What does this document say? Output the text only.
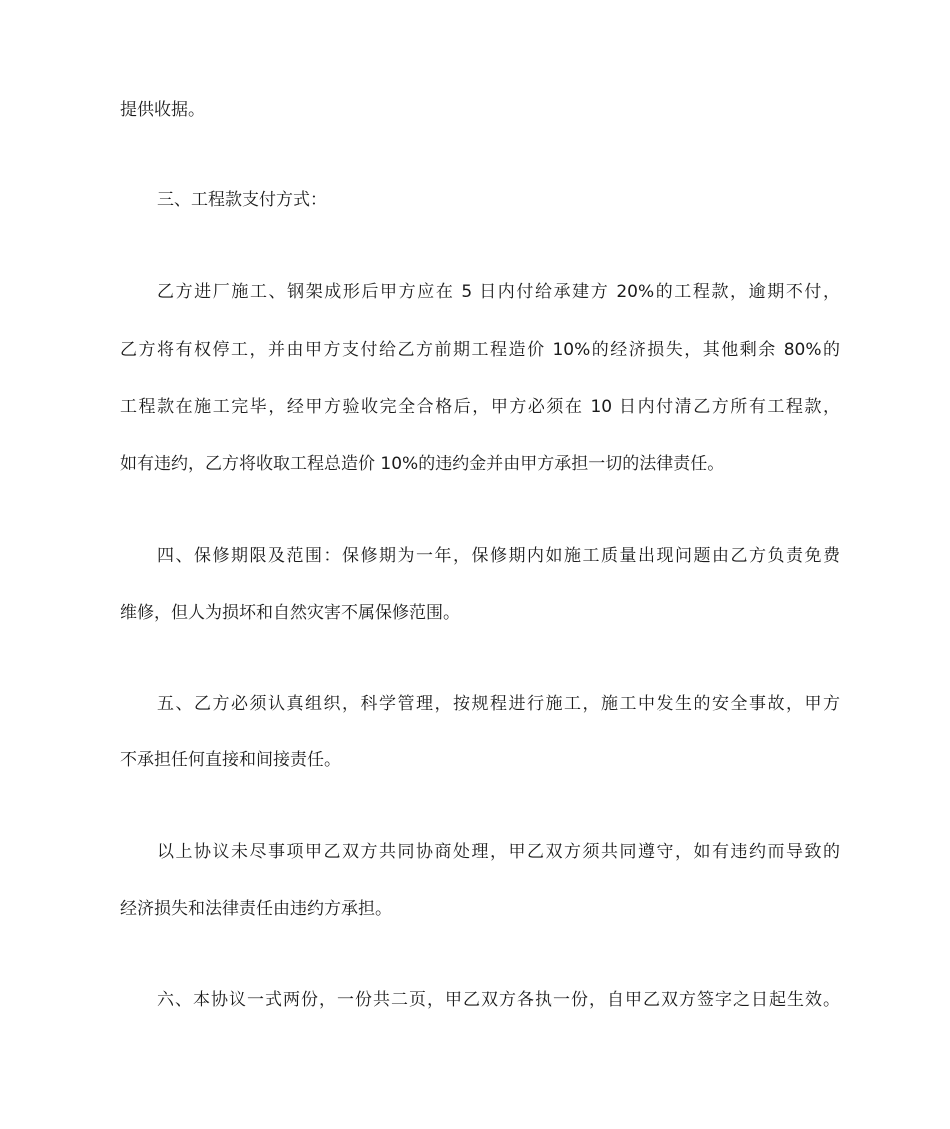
提供收据。
三、工程款支付方式：
乙方进厂施工、钢架成形后甲方应在 5 日内付给承建方 20%的工程款，逾期不付，
乙方将有权停工，并由甲方支付给乙方前期工程造价 10%的经济损失，其他剩余 80%的
工程款在施工完毕，经甲方验收完全合格后，甲方必须在 10 日内付清乙方所有工程款，
如有违约，乙方将收取工程总造价 10%的违约金并由甲方承担一切的法律责任。
四、保修期限及范围：保修期为一年，保修期内如施工质量出现问题由乙方负责免费
维修，但人为损坏和自然灾害不属保修范围。
五、乙方必须认真组织，科学管理，按规程进行施工，施工中发生的安全事故，甲方
不承担任何直接和间接责任。
以上协议未尽事项甲乙双方共同协商处理，甲乙双方须共同遵守，如有违约而导致的
经济损失和法律责任由违约方承担。
六、本协议一式两份，一份共二页，甲乙双方各执一份，自甲乙双方签字之日起生效。
